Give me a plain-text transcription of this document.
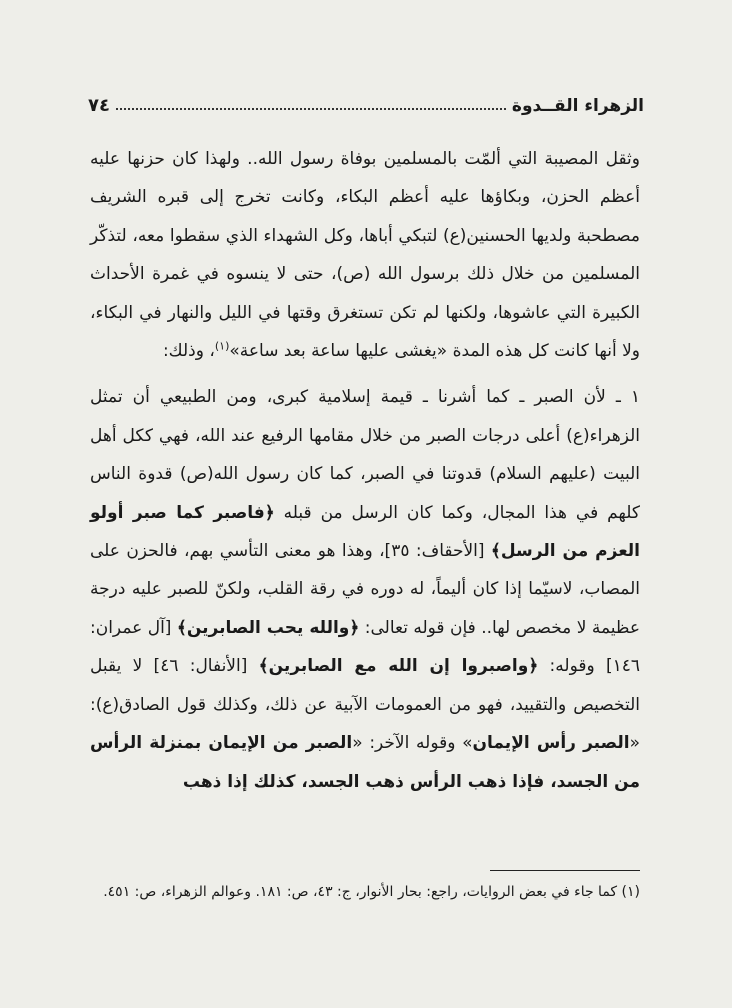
الزهراء القــدوة
٧٤

وثقل المصيبة التي ألمّت بالمسلمين بوفاة رسول الله.. ولهذا كان حزنها عليه أعظم الحزن، وبكاؤها عليه أعظم البكاء، وكانت تخرج إلى قبره الشريف مصطحبة ولديها الحسنين(ع) لتبكي أباها، وكل الشهداء الذي سقطوا معه، لتذكّر المسلمين من خلال ذلك برسول الله (ص)، حتى لا ينسوه في غمرة الأحداث الكبيرة التي عاشوها، ولكنها لم تكن تستغرق وقتها في الليل والنهار في البكاء، ولا أنها كانت كل هذه المدة «يغشى عليها ساعة بعد ساعة»$^{(١)}$، وذلك:

١ ـ لأن الصبر ـ كما أشرنا ـ قيمة إسلامية كبرى، ومن الطبيعي أن تمثل الزهراء(ع) أعلى درجات الصبر من خلال مقامها الرفيع عند الله، فهي ككل أهل البيت (عليهم السلام) قدوتنا في الصبر، كما كان رسول الله(ص) قدوة الناس كلهم في هذا المجال، وكما كان الرسل من قبله ﴿فاصبر كما صبر أولو العزم من الرسل﴾ [الأحقاف: ٣٥]، وهذا هو معنى التأسي بهم، فالحزن على المصاب، لاسيّما إذا كان أليماً، له دوره في رقة القلب، ولكنّ للصبر عليه درجة عظيمة لا مخصص لها.. فإن قوله تعالى: ﴿والله يحب الصابرين﴾ [آل عمران: ١٤٦] وقوله: ﴿واصبروا إن الله مع الصابرين﴾ [الأنفال: ٤٦] لا يقبل التخصيص والتقييد، فهو من العمومات الآبية عن ذلك، وكذلك قول الصادق(ع): «الصبر رأس الإيمان» وقوله الآخر: «الصبر من الإيمان بمنزلة الرأس من الجسد، فإذا ذهب الرأس ذهب الجسد، كذلك إذا ذهب

(١) كما جاء في بعض الروايات، راجع: بحار الأنوار، ج: ٤٣، ص: ١٨١. وعوالم الزهراء، ص: ٤٥١.
